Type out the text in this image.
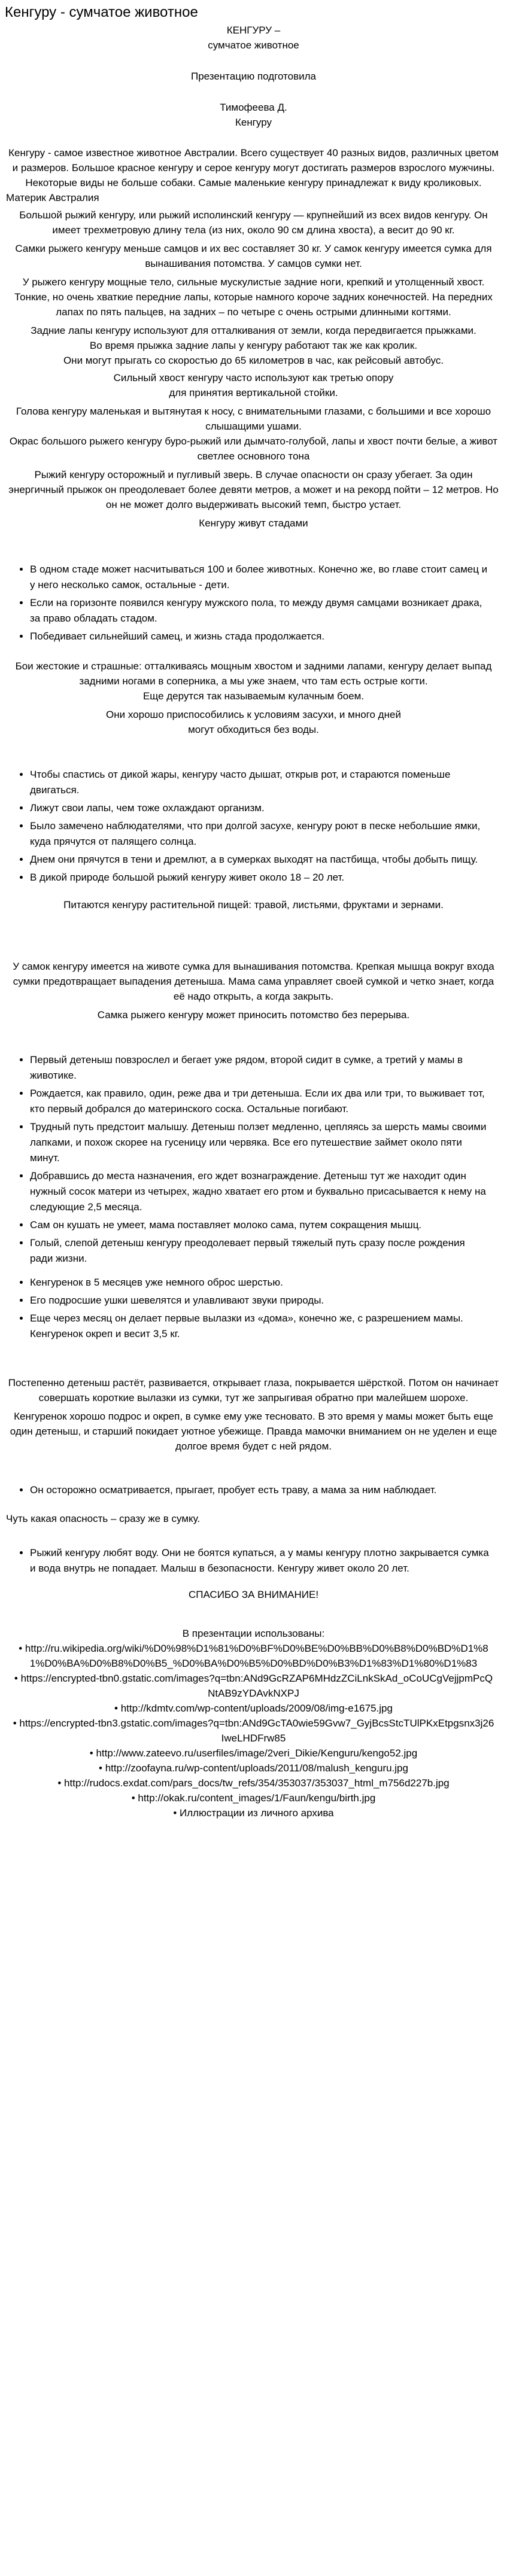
Кенгуру - сумчатое животное
КЕНГУРУ –
сумчатое животное
Презентацию подготовила
Тимофеева Д.
Кенгуру
Кенгуру - самое известное животное Австралии. Всего существует 40 разных видов, различных цветом и размеров. Большое красное кенгуру и серое кенгуру могут достигать размеров взрослого мужчины. Некоторые виды не больше собаки. Самые маленькие кенгуру принадлежат к виду кроликовых.
Материк Австралия
Большой рыжий кенгуру, или рыжий исполинский кенгуру — крупнейший из всех видов кенгуру. Он имеет трехметровую длину тела (из них, около 90 см длина хвоста), а весит до 90 кг.
Самки рыжего кенгуру меньше самцов и их вес составляет 30 кг. У самок кенгуру имеется сумка для вынашивания потомства. У самцов сумки нет.
У рыжего кенгуру мощные тело, сильные мускулистые задние ноги, крепкий и утолщенный хвост. Тонкие, но очень хваткие передние лапы, которые намного короче задних конечностей. На передних лапах по пять пальцев, на задних – по четыре с очень острыми длинными когтями.
Задние лапы кенгуру используют для отталкивания от земли, когда передвигается прыжками.
Во время прыжка задние лапы у кенгуру работают так же как кролик.
Они могут прыгать со скоростью до 65 километров в час, как рейсовый автобус.
Сильный хвост кенгуру часто используют как третью опору
для принятия вертикальной стойки.
Голова кенгуру маленькая и вытянутая к носу, с внимательными глазами, с большими и все хорошо слышащими ушами.
Окрас большого рыжего кенгуру буро-рыжий или дымчато-голубой, лапы и хвост почти белые, а живот светлее основного тона
Рыжий кенгуру осторожный и пугливый зверь. В случае опасности он сразу убегает. За один энергичный прыжок он преодолевает более девяти метров, а может и на рекорд пойти – 12 метров. Но он не может долго выдерживать высокий темп, быстро устает.
Кенгуру живут стадами
• В одном стаде может насчитываться 100 и более животных. Конечно же, во главе стоит самец и у него несколько самок, остальные - дети.
• Если на горизонте появился кенгуру мужского пола, то между двумя самцами возникает драка, за право обладать стадом.
• Победивает сильнейший самец, и жизнь стада продолжается.
Бои жестокие и страшные: отталкиваясь мощным хвостом и задними лапами, кенгуру делает выпад задними ногами в соперника, а мы уже знаем, что там есть острые когти.
Еще дерутся так называемым кулачным боем.
Они хорошо приспособились к условиям засухи, и много дней
могут обходиться без воды.
• Чтобы спастись от дикой жары, кенгуру часто дышат, открыв рот, и стараются поменьше двигаться.
• Лижут свои лапы, чем тоже охлаждают организм.
• Было замечено наблюдателями, что при долгой засухе, кенгуру роют в песке небольшие ямки, куда прячутся от палящего солнца.
• Днем они прячутся в тени и дремлют, а в сумерках выходят на пастбища, чтобы добыть пищу.
• В дикой природе большой рыжий кенгуру живет около 18 – 20 лет.
Питаются кенгуру растительной пищей: травой, листьями, фруктами и зернами.
У самок кенгуру имеется на животе сумка для вынашивания потомства. Крепкая мышца вокруг входа сумки предотвращает выпадения детеныша. Мама сама управляет своей сумкой и четко знает, когда её надо открыть, а когда закрыть.
Самка рыжего кенгуру может приносить потомство без перерыва.
• Первый детеныш повзрослел и бегает уже рядом, второй сидит в сумке, а третий у мамы в животике.
• Рождается, как правило, один, реже два и три детеныша. Если их два или три, то выживает тот, кто первый добрался до материнского соска. Остальные погибают.
• Трудный путь предстоит малышу. Детеныш ползет медленно, цепляясь за шерсть мамы своими лапками, и похож скорее на гусеницу или червяка. Все его путешествие займет около пяти минут.
• Добравшись до места назначения, его ждет вознаграждение. Детеныш тут же находит один нужный сосок матери из четырех, жадно хватает его ртом и буквально присасывается к нему на следующие 2,5 месяца.
• Сам он кушать не умеет, мама поставляет молоко сама, путем сокращения мышц.
• Голый, слепой детеныш кенгуру преодолевает первый тяжелый путь сразу после рождения ради жизни.
• Кенгуренок в 5 месяцев уже немного оброс шерстью.
• Его подросшие ушки шевелятся и улавливают звуки природы.
• Еще через месяц он делает первые вылазки из «дома», конечно же, с разрешением мамы. Кенгуренок окреп и весит 3,5 кг.
Постепенно детеныш растёт, развивается, открывает глаза, покрывается шёрсткой. Потом он начинает совершать короткие вылазки из сумки, тут же запрыгивая обратно при малейшем шорохе.
Кенгуренок хорошо подрос и окреп, в сумке ему уже тесновато. В это время у мамы может быть еще один детеныш, и старший покидает уютное убежище. Правда мамочки вниманием он не уделен и еще долгое время будет с ней рядом.
• Он осторожно осматривается, прыгает, пробует есть траву, а мама за ним наблюдает.
Чуть какая опасность – сразу же в сумку.
• Рыжий кенгуру любят воду. Они не боятся купаться, а у мамы кенгуру плотно закрывается сумка и вода внутрь не попадает. Малыш в безопасности. Кенгуру живет около 20 лет.
СПАСИБО ЗА ВНИМАНИЕ!
В презентации использованы:
• http://ru.wikipedia.org/wiki/%D0%98%D1%81%D0%BF%D0%BE%D0%BB%D0%B8%D0%BD%D1%81%D0%BA%D0%B8%D0%B5_%D0%BA%D0%B5%D0%BD%D0%B3%D1%83%D1%80%D1%83
• https://encrypted-tbn0.gstatic.com/images?q=tbn:ANd9GcRZAP6MHdzZCiLnkSkAd_oCoUCgVejjpmPcQNtAB9zYDAvkNXPJ
• http://kdmtv.com/wp-content/uploads/2009/08/img-e1675.jpg
• https://encrypted-tbn3.gstatic.com/images?q=tbn:ANd9GcTA0wie59Gvw7_GyjBcsStcTUlPKxEtpgsnx3j26IweLHDFrw85
• http://www.zateevo.ru/userfiles/image/2veri_Dikie/Kenguru/kengo52.jpg
• http://zoofayna.ru/wp-content/uploads/2011/08/malush_kenguru.jpg
• http://rudocs.exdat.com/pars_docs/tw_refs/354/353037/353037_html_m756d227b.jpg
• http://okak.ru/content_images/1/Faun/kengu/birth.jpg
• Иллюстрации из личного архива
